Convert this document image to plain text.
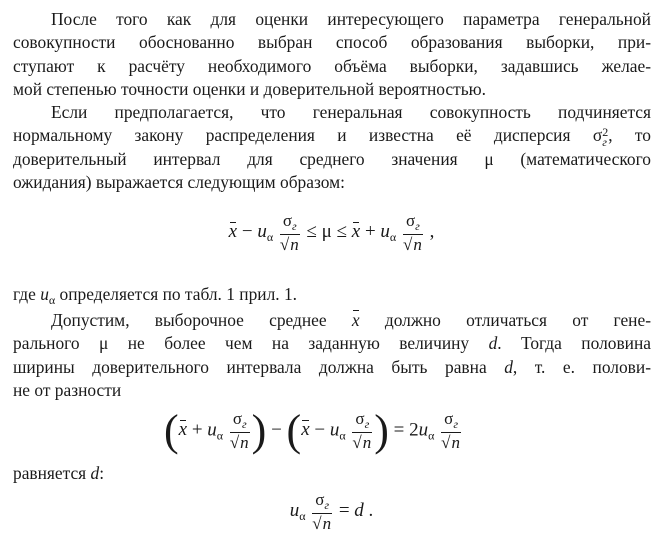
После того как для оценки интересующего параметра генеральной
совокупности обоснованно выбран способ образования выборки, при-
ступают к расчёту необходимого объёма выборки, задавшись желае-
мой степенью точности оценки и доверительной вероятностью.
Если предполагается, что генеральная совокупность подчиняется
нормальному закону распределения и известна её дисперсия σ 2
г , то
доверительный интервал для среднего значения μ (математического
ожидания) выражается следующим образом:
$x - u_\alpha \frac{\sigma_г}{√n} \le \mu \le x + u_\alpha \frac{\sigma_г}{√n}$ ,
где $u_\alpha$ определяется по табл. 1 прил. 1.
Допустим, выборочное среднее x должно отличаться от гене-
рального μ не более чем на заданную величину d. Тогда половина
ширины доверительного интервала должна быть равна d, т. е. полови-
не от разности
($x + u_\alpha \frac{\sigma_г}{√n}$ ) − ($x - u_\alpha \frac{\sigma_г}{√n}$ ) = $2u_\alpha \frac{\sigma_г}{√n}$
равняется d:
$u_\alpha \frac{\sigma_г}{√n} = d$ .
